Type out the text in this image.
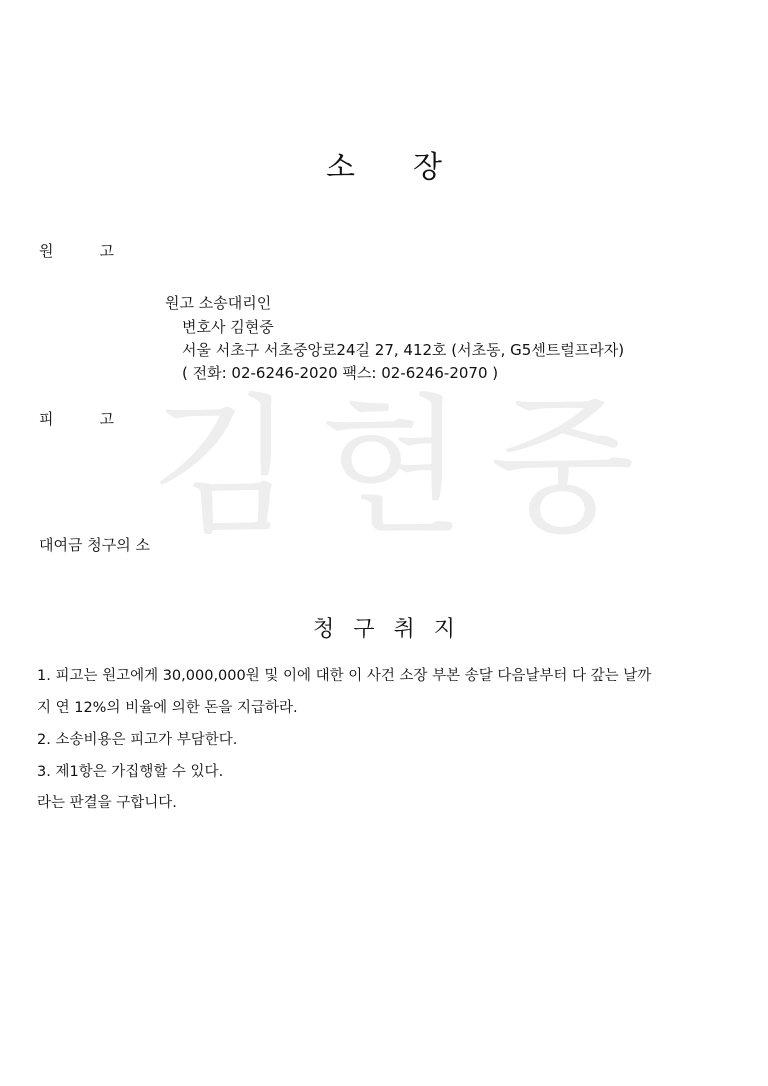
김 현 중
소 장
원	고
원고 소송대리인
변호사 김현중
서울 서초구 서초중앙로24길 27, 412호 (서초동, G5센트럴프라자)
( 전화: 02-6246-2020 팩스: 02-6246-2070 )
피	고
대여금 청구의 소
청 구 취 지
1. 피고는 원고에게 30,000,000원 및 이에 대한 이 사건 소장 부본 송달 다음날부터 다 갚는 날까
지 연 12%의 비율에 의한 돈을 지급하라.
2. 소송비용은 피고가 부담한다.
3. 제1항은 가집행할 수 있다.
라는 판결을 구합니다.
